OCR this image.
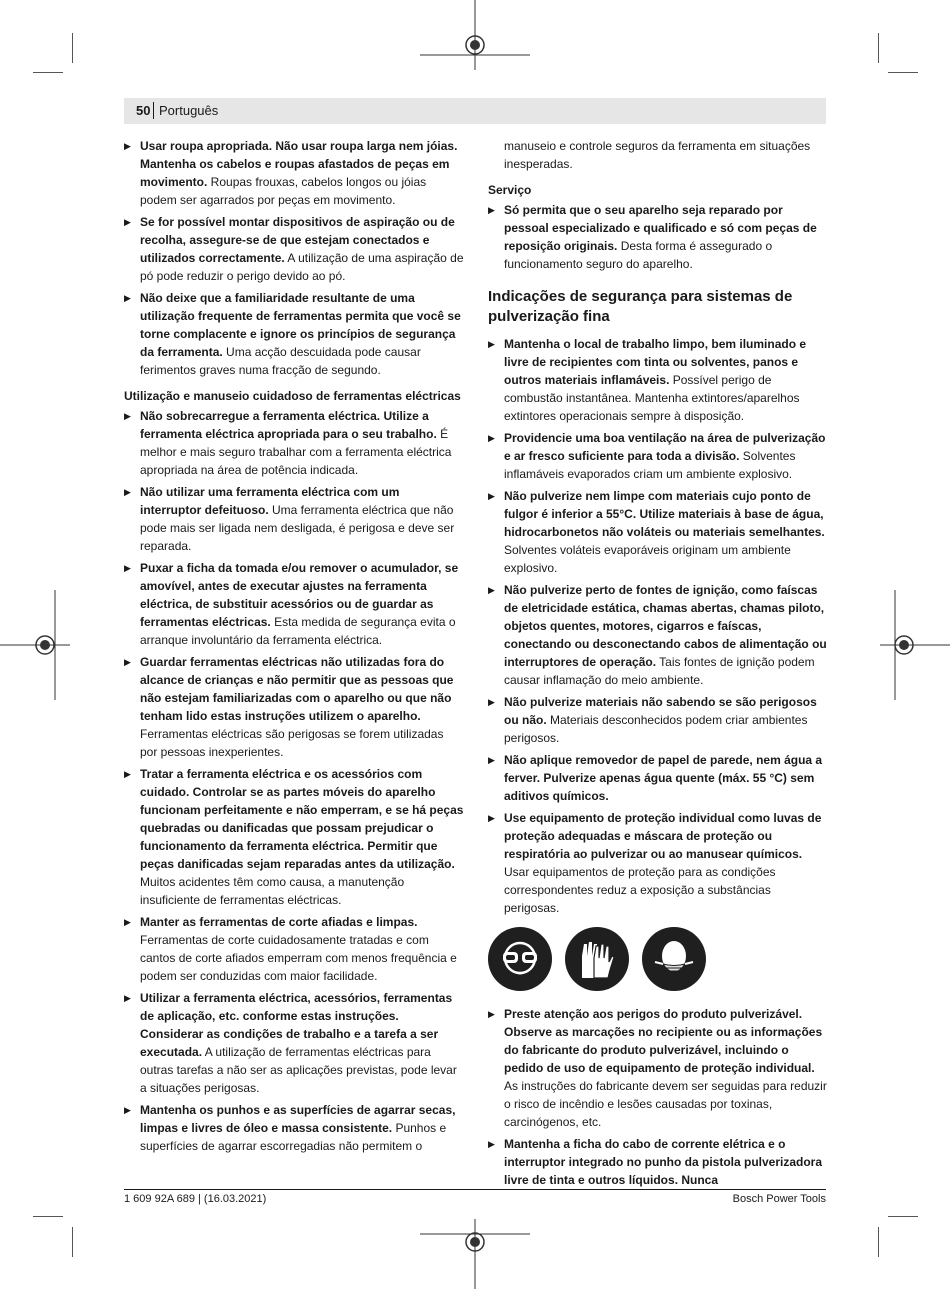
50 Português
▶ Usar roupa apropriada. Não usar roupa larga nem jóias. Mantenha os cabelos e roupas afastados de peças em movimento. Roupas frouxas, cabelos longos ou jóias podem ser agarrados por peças em movimento.
▶ Se for possível montar dispositivos de aspiração ou de recolha, assegure-se de que estejam conectados e utilizados correctamente. A utilização de uma aspiração de pó pode reduzir o perigo devido ao pó.
▶ Não deixe que a familiaridade resultante de uma utilização frequente de ferramentas permita que você se torne complacente e ignore os princípios de segurança da ferramenta. Uma acção descuidada pode causar ferimentos graves numa fracção de segundo.
Utilização e manuseio cuidadoso de ferramentas eléctricas
▶ Não sobrecarregue a ferramenta eléctrica. Utilize a ferramenta eléctrica apropriada para o seu trabalho. É melhor e mais seguro trabalhar com a ferramenta eléctrica apropriada na área de potência indicada.
▶ Não utilizar uma ferramenta eléctrica com um interruptor defeituoso. Uma ferramenta eléctrica que não pode mais ser ligada nem desligada, é perigosa e deve ser reparada.
▶ Puxar a ficha da tomada e/ou remover o acumulador, se amovível, antes de executar ajustes na ferramenta eléctrica, de substituir acessórios ou de guardar as ferramentas eléctricas. Esta medida de segurança evita o arranque involuntário da ferramenta eléctrica.
▶ Guardar ferramentas eléctricas não utilizadas fora do alcance de crianças e não permitir que as pessoas que não estejam familiarizadas com o aparelho ou que não tenham lido estas instruções utilizem o aparelho. Ferramentas eléctricas são perigosas se forem utilizadas por pessoas inexperientes.
▶ Tratar a ferramenta eléctrica e os acessórios com cuidado. Controlar se as partes móveis do aparelho funcionam perfeitamente e não emperram, e se há peças quebradas ou danificadas que possam prejudicar o funcionamento da ferramenta eléctrica. Permitir que peças danificadas sejam reparadas antes da utilização. Muitos acidentes têm como causa, a manutenção insuficiente de ferramentas eléctricas.
▶ Manter as ferramentas de corte afiadas e limpas. Ferramentas de corte cuidadosamente tratadas e com cantos de corte afiados emperram com menos frequência e podem ser conduzidas com maior facilidade.
▶ Utilizar a ferramenta eléctrica, acessórios, ferramentas de aplicação, etc. conforme estas instruções. Considerar as condições de trabalho e a tarefa a ser executada. A utilização de ferramentas eléctricas para outras tarefas a não ser as aplicações previstas, pode levar a situações perigosas.
▶ Mantenha os punhos e as superfícies de agarrar secas, limpas e livres de óleo e massa consistente. Punhos e superfícies de agarrar escorregadias não permitem o
manuseio e controle seguros da ferramenta em situações inesperadas.
Serviço
▶ Só permita que o seu aparelho seja reparado por pessoal especializado e qualificado e só com peças de reposição originais. Desta forma é assegurado o funcionamento seguro do aparelho.
Indicações de segurança para sistemas de pulverização fina
▶ Mantenha o local de trabalho limpo, bem iluminado e livre de recipientes com tinta ou solventes, panos e outros materiais inflamáveis. Possível perigo de combustão instantânea. Mantenha extintores/aparelhos extintores operacionais sempre à disposição.
▶ Providencie uma boa ventilação na área de pulverização e ar fresco suficiente para toda a divisão. Solventes inflamáveis evaporados criam um ambiente explosivo.
▶ Não pulverize nem limpe com materiais cujo ponto de fulgor é inferior a 55°C. Utilize materiais à base de água, hidrocarbonetos não voláteis ou materiais semelhantes. Solventes voláteis evaporáveis originam um ambiente explosivo.
▶ Não pulverize perto de fontes de ignição, como faíscas de eletricidade estática, chamas abertas, chamas piloto, objetos quentes, motores, cigarros e faíscas, conectando ou desconectando cabos de alimentação ou interruptores de operação. Tais fontes de ignição podem causar inflamação do meio ambiente.
▶ Não pulverize materiais não sabendo se são perigosos ou não. Materiais desconhecidos podem criar ambientes perigosos.
▶ Não aplique removedor de papel de parede, nem água a ferver. Pulverize apenas água quente (máx. 55 °C) sem aditivos químicos.
▶ Use equipamento de proteção individual como luvas de proteção adequadas e máscara de proteção ou respiratória ao pulverizar ou ao manusear químicos. Usar equipamentos de proteção para as condições correspondentes reduz a exposição a substâncias perigosas.
▶ Preste atenção aos perigos do produto pulverizável. Observe as marcações no recipiente ou as informações do fabricante do produto pulverizável, incluindo o pedido de uso de equipamento de proteção individual. As instruções do fabricante devem ser seguidas para reduzir o risco de incêndio e lesões causadas por toxinas, carcinógenos, etc.
▶ Mantenha a ficha do cabo de corrente elétrica e o interruptor integrado no punho da pistola pulverizadora livre de tinta e outros líquidos. Nunca
1 609 92A 689 | (16.03.2021)	Bosch Power Tools
